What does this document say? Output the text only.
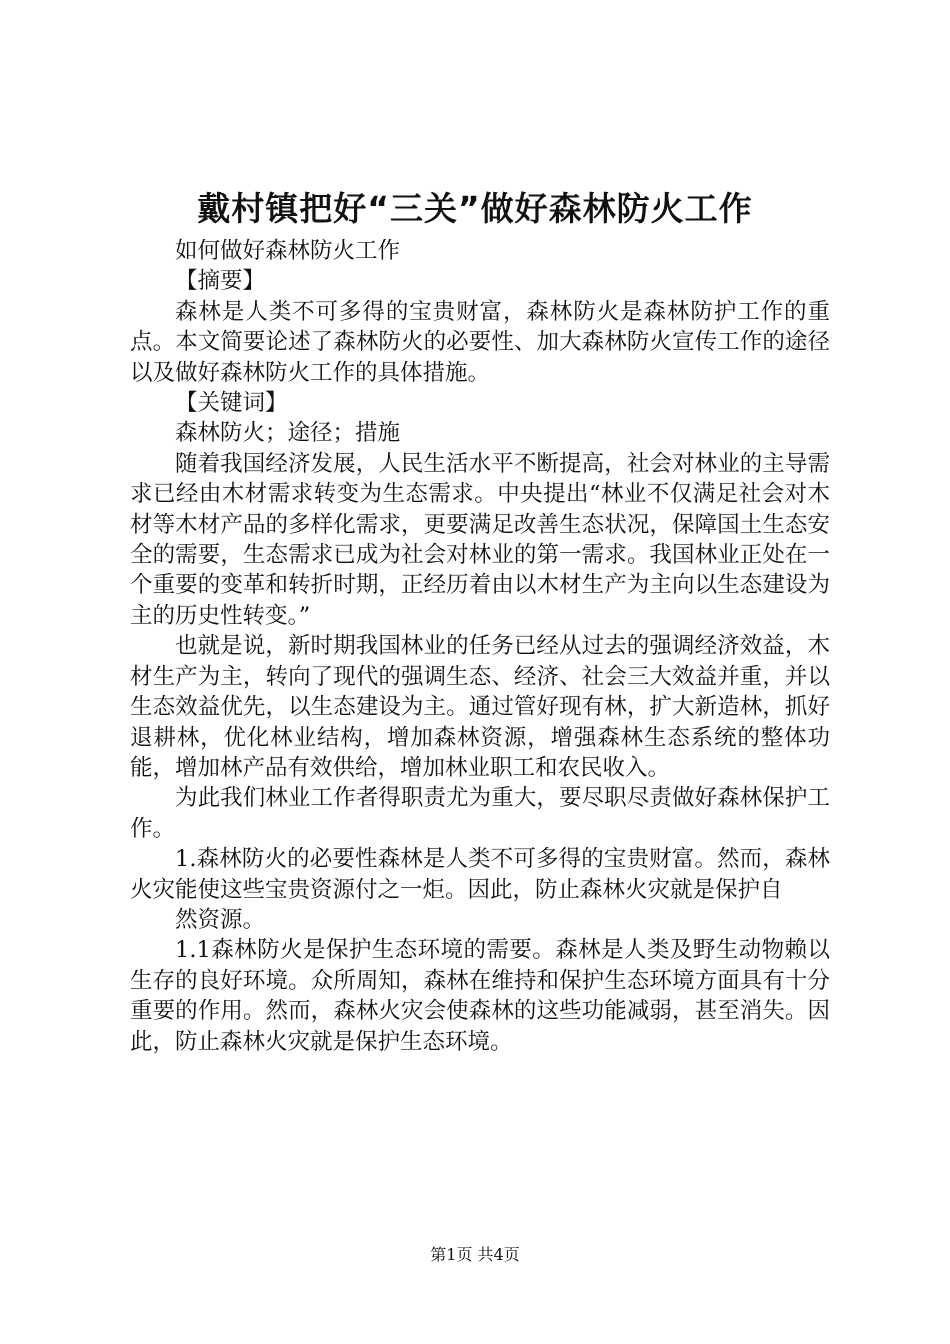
戴村镇把好“三关”做好森林防火工作

如何做好森林防火工作

【摘要】

森林是人类不可多得的宝贵财富，森林防火是森林防护工作的重点。本文简要论述了森林防火的必要性、加大森林防火宣传工作的途径以及做好森林防火工作的具体措施。

【关键词】

森林防火；途径；措施

随着我国经济发展，人民生活水平不断提高，社会对林业的主导需求已经由木材需求转变为生态需求。中央提出“林业不仅满足社会对木材等木材产品的多样化需求，更要满足改善生态状况，保障国土生态安全的需要，生态需求已成为社会对林业的第一需求。我国林业正处在一个重要的变革和转折时期，正经历着由以木材生产为主向以生态建设为主的历史性转变。”

也就是说，新时期我国林业的任务已经从过去的强调经济效益，木材生产为主，转向了现代的强调生态、经济、社会三大效益并重，并以生态效益优先，以生态建设为主。通过管好现有林，扩大新造林，抓好退耕林，优化林业结构，增加森林资源，增强森林生态系统的整体功能，增加林产品有效供给，增加林业职工和农民收入。

为此我们林业工作者得职责尤为重大，要尽职尽责做好森林保护工作。

1.森林防火的必要性森林是人类不可多得的宝贵财富。然而，森林火灾能使这些宝贵资源付之一炬。因此，防止森林火灾就是保护自

然资源。

1.1森林防火是保护生态环境的需要。森林是人类及野生动物赖以生存的良好环境。众所周知，森林在维持和保护生态环境方面具有十分重要的作用。然而，森林火灾会使森林的这些功能减弱，甚至消失。因此，防止森林火灾就是保护生态环境。

第1页 共4页
